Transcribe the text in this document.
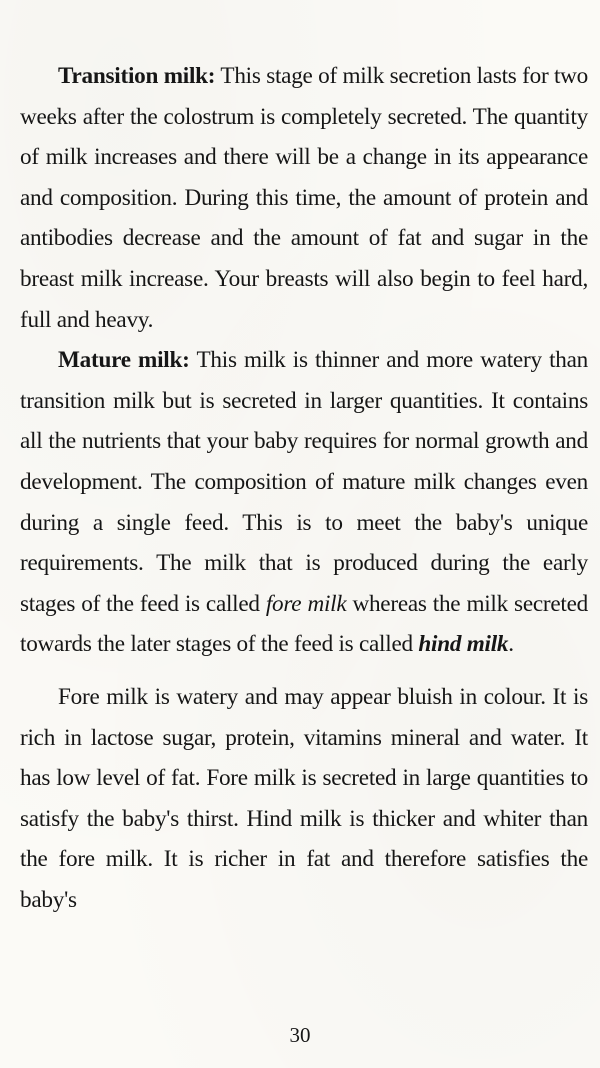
Transition milk: This stage of milk secretion lasts for two weeks after the colostrum is completely secreted. The quantity of milk increases and there will be a change in its appearance and composition. During this time, the amount of protein and antibodies decrease and the amount of fat and sugar in the breast milk increase. Your breasts will also begin to feel hard, full and heavy.

Mature milk: This milk is thinner and more watery than transition milk but is secreted in larger quantities. It contains all the nutrients that your baby requires for normal growth and development. The composition of mature milk changes even during a single feed. This is to meet the baby's unique requirements. The milk that is produced during the early stages of the feed is called fore milk whereas the milk secreted towards the later stages of the feed is called hind milk.

Fore milk is watery and may appear bluish in colour. It is rich in lactose sugar, protein, vitamins mineral and water. It has low level of fat. Fore milk is secreted in large quantities to satisfy the baby's thirst. Hind milk is thicker and whiter than the fore milk. It is richer in fat and therefore satisfies the baby's

30
